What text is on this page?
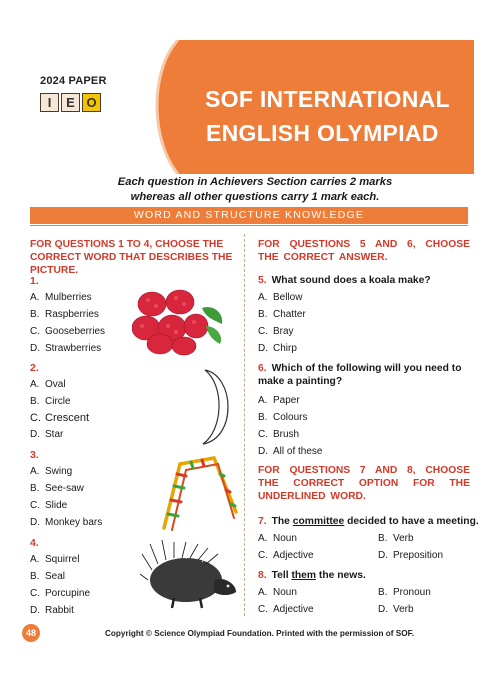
2024 PAPER
I	E O	SOF INTERNATIONAL
ENGLISH OLYMPIAD
Each question in Achievers Section carries 2 marks whereas all other questions carry 1 mark each.
WORD AND STRUCTURE KNOWLEDGE
FOR QUESTIONS 1 TO 4, CHOOSE THE CORRECT WORD THAT DESCRIBES THE PICTURE.
1.
A. Mulberries
B. Raspberries
C. Gooseberries
D. Strawberries
2.
A. Oval
B. Circle
C. Crescent
D. Star
3.
A. Swing
B. See-saw
C. Slide
D. Monkey bars
4.
A. Squirrel
B. Seal
C. Porcupine
D. Rabbit
FOR QUESTIONS 5 AND 6, CHOOSE THE CORRECT ANSWER.
5. What sound does a koala make?
A. Bellow
B. Chatter
C. Bray
D. Chirp
6. Which of the following will you need to make a painting?
A. Paper
B. Colours
C. Brush
D. All of these
FOR QUESTIONS 7 AND 8, CHOOSE THE CORRECT OPTION FOR THE UNDERLINED WORD.
7. The committee decided to have a meeting.
A. Noun	B. Verb
C. Adjective	D. Preposition
8. Tell them the news.
A. Noun	B. Pronoun
C. Adjective	D. Verb
48	Copyright © Science Olympiad Foundation. Printed with the permission of SOF.
